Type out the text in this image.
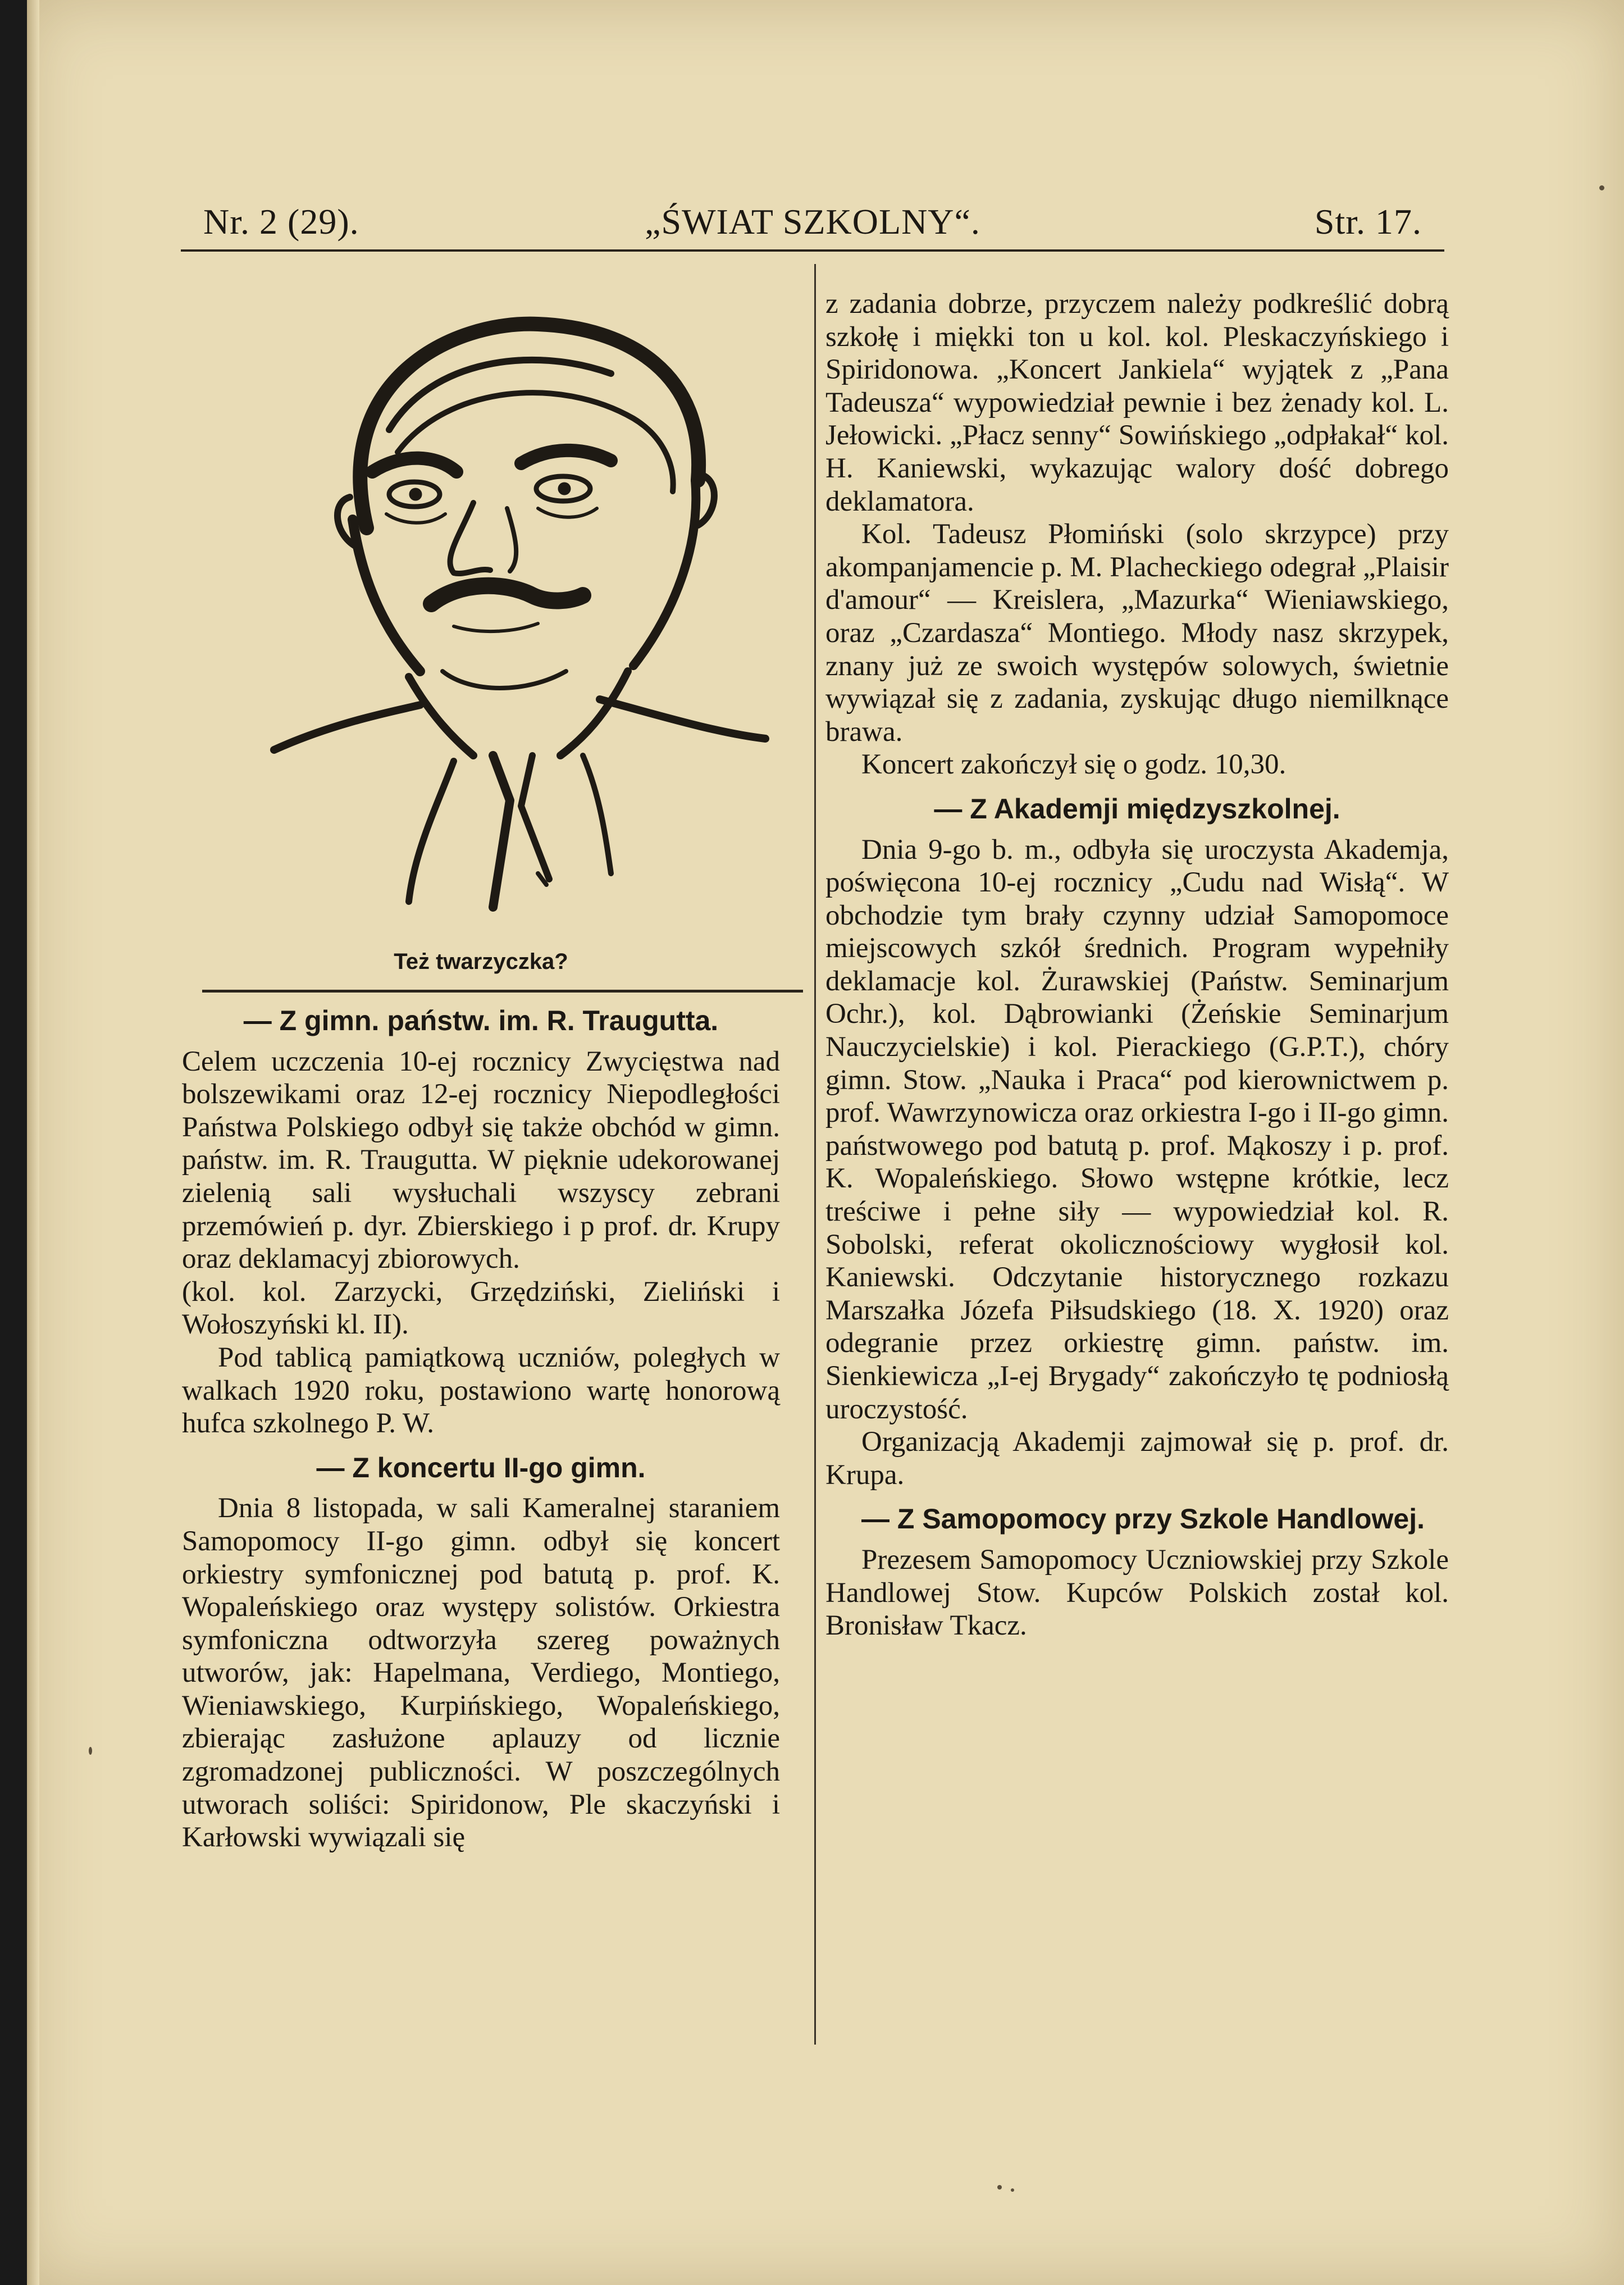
Nr. 2 (29).	„ŚWIAT SZKOLNY“.	Str. 17.
Też twarzyczka?
— Z gimn. państw. im. R. Traugutta.

Celem uczczenia 10-ej rocznicy Zwycięstwa nad bolszewikami oraz 12-ej rocznicy Niepodległości Państwa Polskiego odbył się także obchód w gimn. państw. im. R. Traugutta. W pięknie udekorowanej zielenią sali wysłuchali wszyscy zebrani przemówień p. dyr. Zbierskiego i p prof. dr. Krupy oraz deklamacyj zbiorowych.

(kol. kol. Zarzycki, Grzędziński, Zieliński i Wołoszyński kl. II).

Pod tablicą pamiątkową uczniów, poległych w walkach 1920 roku, postawiono wartę honorową hufca szkolnego P. W.

— Z koncertu II-go gimn.

Dnia 8 listopada, w sali Kameralnej staraniem Samopomocy II-go gimn. odbył się koncert orkiestry symfonicznej pod batutą p. prof. K. Wopaleńskiego oraz występy solistów. Orkiestra symfoniczna odtworzyła szereg poważnych utworów, jak: Hapelmana, Verdiego, Montiego, Wieniawskiego, Kurpińskiego, Wopaleńskiego, zbierając zasłużone aplauzy od licznie zgromadzonej publiczności. W poszczególnych utworach soliści: Spiridonow, Ple skaczyński i Karłowski wywiązali się

z zadania dobrze, przyczem należy podkreślić dobrą szkołę i miękki ton u kol. kol. Pleskaczyńskiego i Spiridonowa. „Koncert Jankiela“ wyjątek z „Pana Tadeusza“ wypowiedział pewnie i bez żenady kol. L. Jełowicki. „Płacz senny“ Sowińskiego „odpłakał“ kol. H. Kaniewski, wykazując walory dość dobrego deklamatora.

Kol. Tadeusz Płomiński (solo skrzypce) przy akompanjamencie p. M. Placheckiego odegrał „Plaisir d'amour“ — Kreislera, „Mazurka“ Wieniawskiego, oraz „Czardasza“ Montiego. Młody nasz skrzypek, znany już ze swoich występów solowych, świetnie wywiązał się z zadania, zyskując długo niemilknące brawa.

Koncert zakończył się o godz. 10,30.

— Z Akademji międzyszkolnej.

Dnia 9-go b. m., odbyła się uroczysta Akademja, poświęcona 10-ej rocznicy „Cudu nad Wisłą“. W obchodzie tym brały czynny udział Samopomoce miejscowych szkół średnich. Program wypełniły deklamacje kol. Żurawskiej (Państw. Seminarjum Ochr.), kol. Dąbrowianki (Żeńskie Seminarjum Nauczycielskie) i kol. Pierackiego (G.P.T.), chóry gimn. Stow. „Nauka i Praca“ pod kierownictwem p. prof. Wawrzynowicza oraz orkiestra I-go i II-go gimn. państwowego pod batutą p. prof. Mąkoszy i p. prof. K. Wopaleńskiego. Słowo wstępne krótkie, lecz treściwe i pełne siły — wypowiedział kol. R. Sobolski, referat okolicznościowy wygłosił kol. Kaniewski. Odczytanie historycznego rozkazu Marszałka Józefa Piłsudskiego (18. X. 1920) oraz odegranie przez orkiestrę gimn. państw. im. Sienkiewicza „I-ej Brygady“ zakończyło tę podniosłą uroczystość.

Organizacją Akademji zajmował się p. prof. dr. Krupa.

— Z Samopomocy przy Szkole Handlowej.

Prezesem Samopomocy Uczniowskiej przy Szkole Handlowej Stow. Kupców Polskich został kol. Bronisław Tkacz.
